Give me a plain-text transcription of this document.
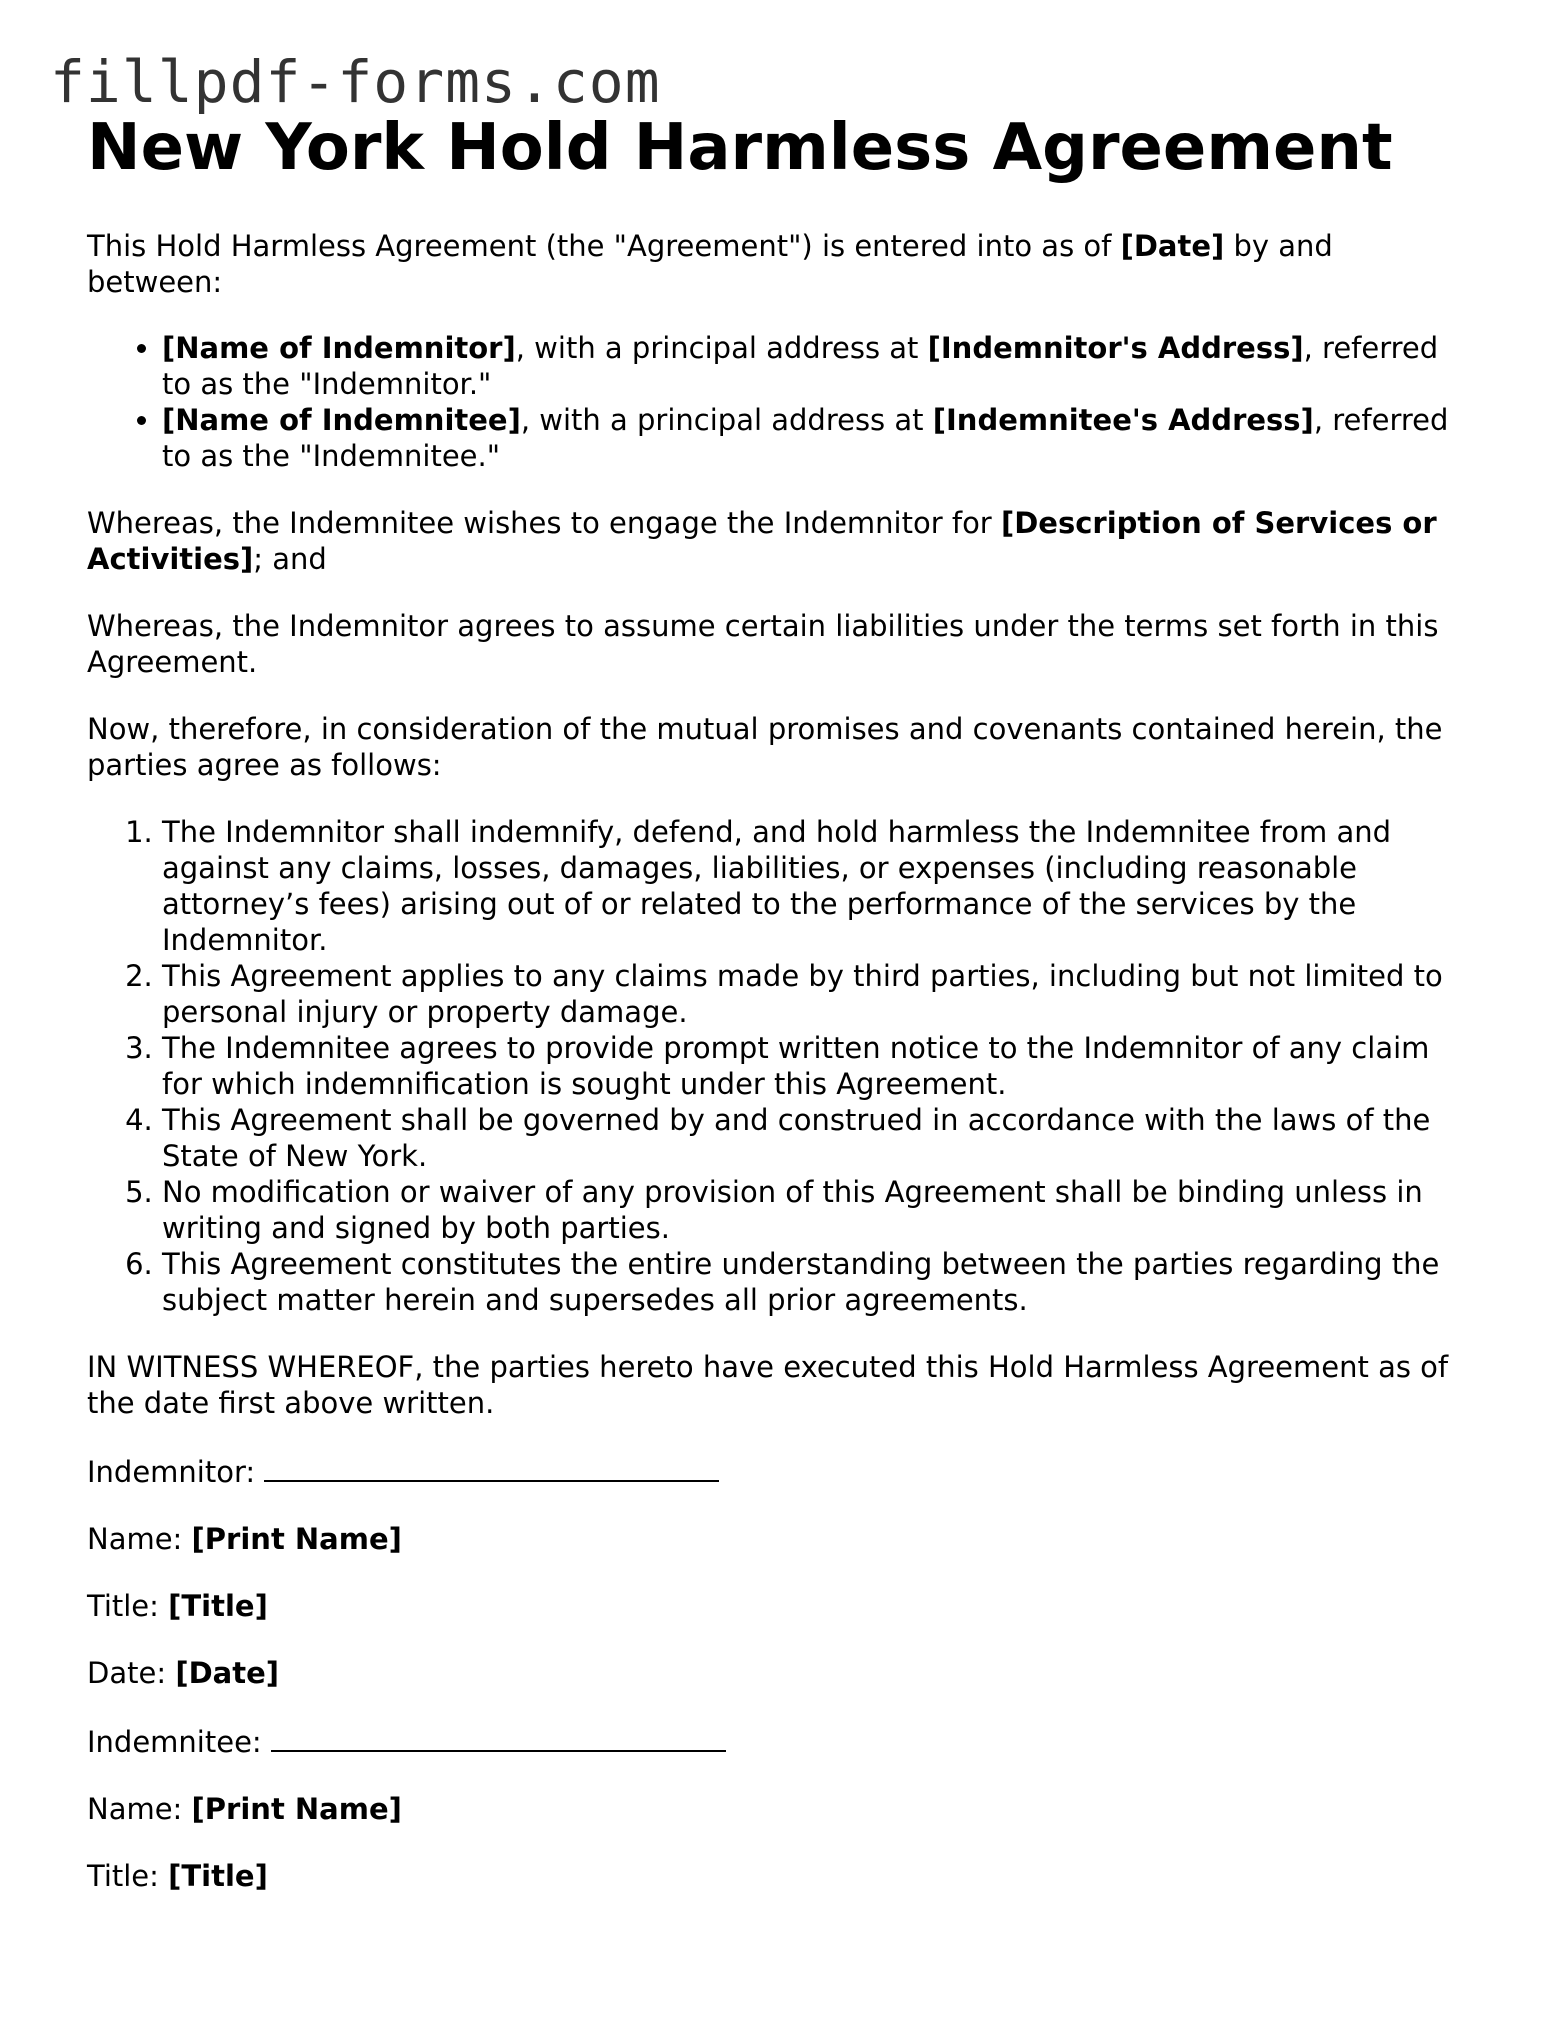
fillpdf-forms.com
New York Hold Harmless Agreement

This Hold Harmless Agreement (the "Agreement") is entered into as of [Date] by and between:

• [Name of Indemnitor], with a principal address at [Indemnitor's Address], referred to as the "Indemnitor."
• [Name of Indemnitee], with a principal address at [Indemnitee's Address], referred to as the "Indemnitee."

Whereas, the Indemnitee wishes to engage the Indemnitor for [Description of Services or Activities]; and

Whereas, the Indemnitor agrees to assume certain liabilities under the terms set forth in this Agreement.

Now, therefore, in consideration of the mutual promises and covenants contained herein, the parties agree as follows:

1. The Indemnitor shall indemnify, defend, and hold harmless the Indemnitee from and against any claims, losses, damages, liabilities, or expenses (including reasonable attorney’s fees) arising out of or related to the performance of the services by the Indemnitor.
2. This Agreement applies to any claims made by third parties, including but not limited to personal injury or property damage.
3. The Indemnitee agrees to provide prompt written notice to the Indemnitor of any claim for which indemnification is sought under this Agreement.
4. This Agreement shall be governed by and construed in accordance with the laws of the State of New York.
5. No modification or waiver of any provision of this Agreement shall be binding unless in writing and signed by both parties.
6. This Agreement constitutes the entire understanding between the parties regarding the subject matter herein and supersedes all prior agreements.

IN WITNESS WHEREOF, the parties hereto have executed this Hold Harmless Agreement as of the date first above written.

Indemnitor:

Name: [Print Name]

Title: [Title]

Date: [Date]

Indemnitee:

Name: [Print Name]

Title: [Title]
